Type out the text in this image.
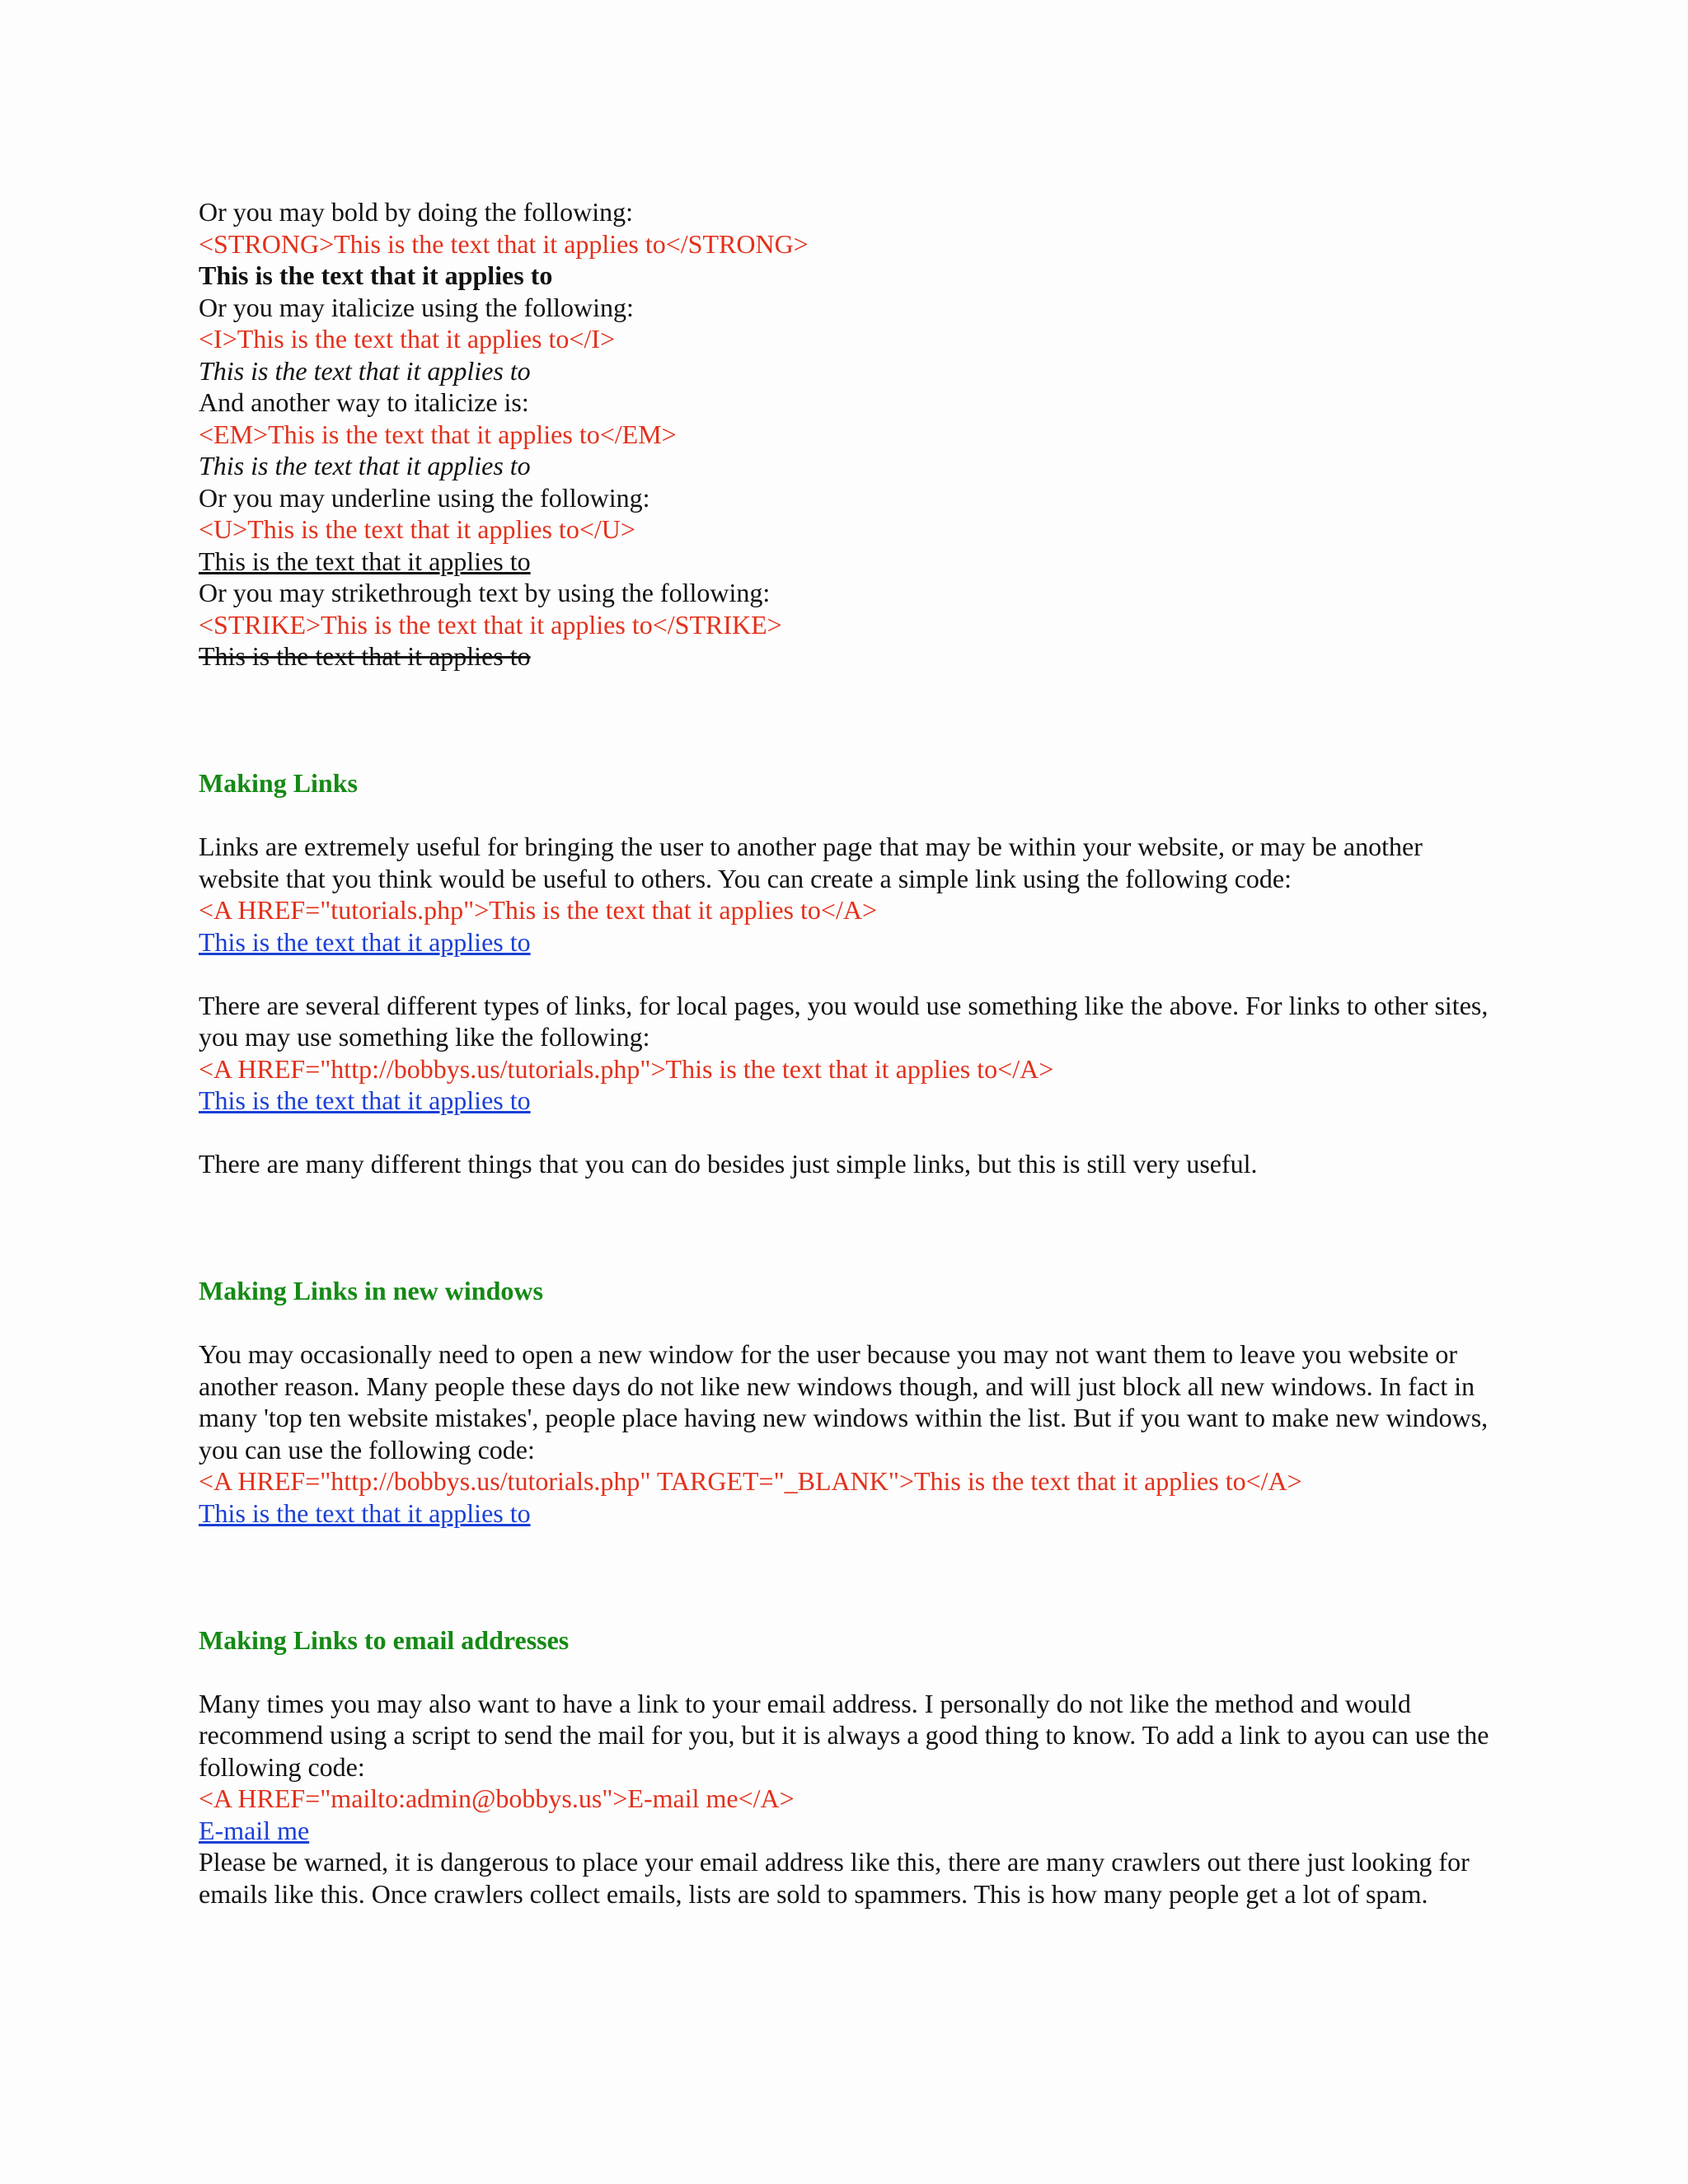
Or you may bold by doing the following:
<STRONG>This is the text that it applies to</STRONG>
This is the text that it applies to
Or you may italicize using the following:
<I>This is the text that it applies to</I>
This is the text that it applies to
And another way to italicize is:
<EM>This is the text that it applies to</EM>
This is the text that it applies to
Or you may underline using the following:
<U>This is the text that it applies to</U>
This is the text that it applies to
Or you may strikethrough text by using the following:
<STRIKE>This is the text that it applies to</STRIKE>
This is the text that it applies to
Making Links
Links are extremely useful for bringing the user to another page that may be within your website, or may be another website that you think would be useful to others. You can create a simple link using the following code:
<A HREF="tutorials.php">This is the text that it applies to</A>
This is the text that it applies to
There are several different types of links, for local pages, you would use something like the above. For links to other sites, you may use something like the following:
<A HREF="http://bobbys.us/tutorials.php">This is the text that it applies to</A>
This is the text that it applies to
There are many different things that you can do besides just simple links, but this is still very useful.
Making Links in new windows
You may occasionally need to open a new window for the user because you may not want them to leave you website or another reason. Many people these days do not like new windows though, and will just block all new windows. In fact in many 'top ten website mistakes', people place having new windows within the list. But if you want to make new windows, you can use the following code:
<A HREF="http://bobbys.us/tutorials.php" TARGET="_BLANK">This is the text that it applies to</A>
This is the text that it applies to
Making Links to email addresses
Many times you may also want to have a link to your email address. I personally do not like the method and would recommend using a script to send the mail for you, but it is always a good thing to know. To add a link to ayou can use the following code:
<A HREF="mailto:admin@bobbys.us">E-mail me</A>
E-mail me
Please be warned, it is dangerous to place your email address like this, there are many crawlers out there just looking for emails like this. Once crawlers collect emails, lists are sold to spammers. This is how many people get a lot of spam.
